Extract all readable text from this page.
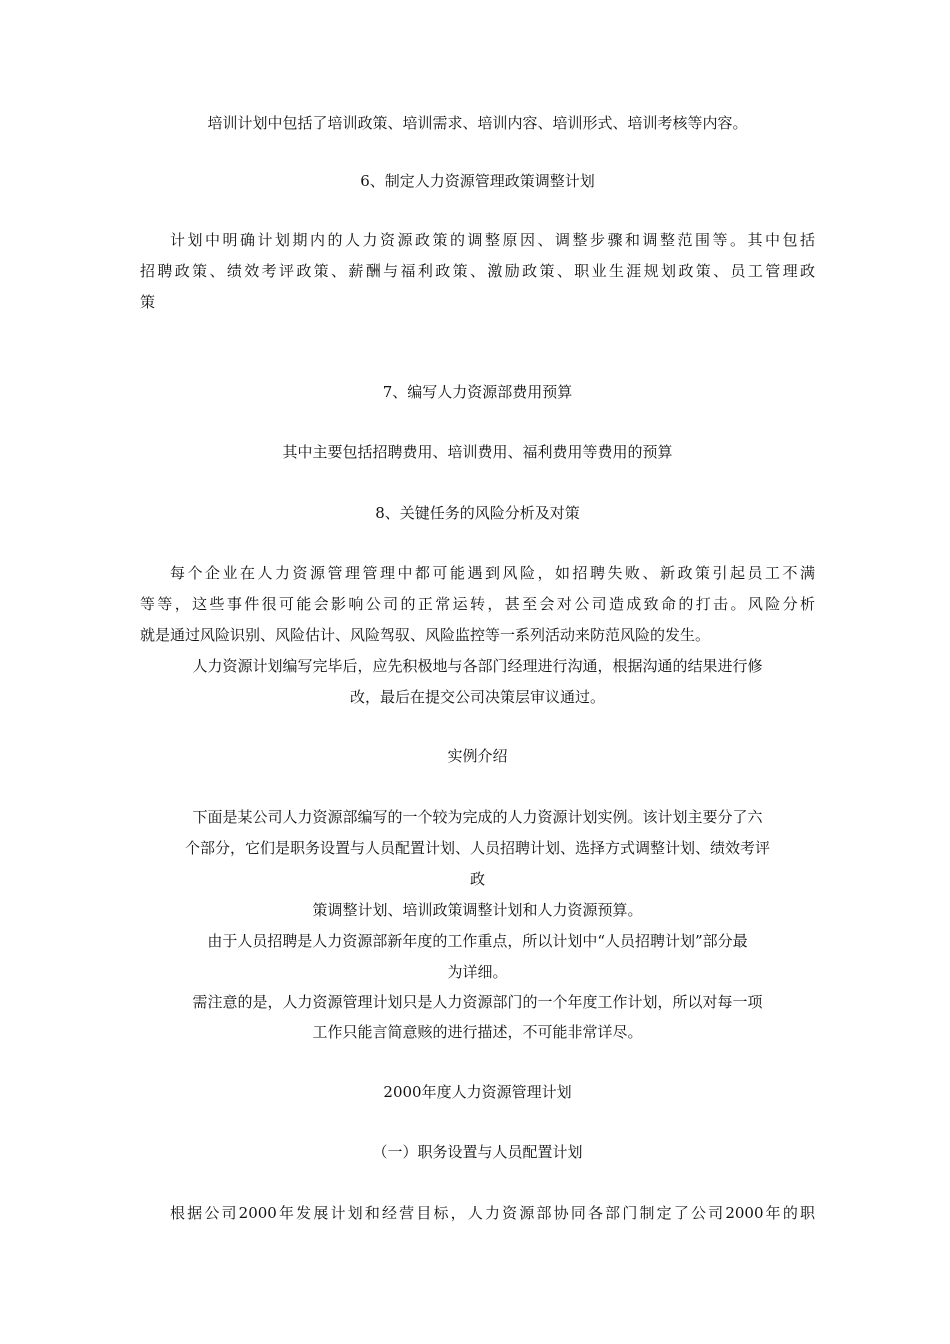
培训计划中包括了培训政策、培训需求、培训内容、培训形式、培训考核等内容。
6、制定人力资源管理政策调整计划
计划中明确计划期内的人力资源政策的调整原因、调整步骤和调整范围等。其中包括
招聘政策、绩效考评政策、薪酬与福利政策、激励政策、职业生涯规划政策、员工管理政
策
7、编写人力资源部费用预算
其中主要包括招聘费用、培训费用、福利费用等费用的预算
8、关键任务的风险分析及对策
每个企业在人力资源管理管理中都可能遇到风险，如招聘失败、新政策引起员工不满
等等，这些事件很可能会影响公司的正常运转，甚至会对公司造成致命的打击。风险分析
就是通过风险识别、风险估计、风险驾驭、风险监控等一系列活动来防范风险的发生。
人力资源计划编写完毕后，应先积极地与各部门经理进行沟通，根据沟通的结果进行修
改，最后在提交公司决策层审议通过。
实例介绍
下面是某公司人力资源部编写的一个较为完成的人力资源计划实例。该计划主要分了六
个部分，它们是职务设置与人员配置计划、人员招聘计划、选择方式调整计划、绩效考评
政
策调整计划、培训政策调整计划和人力资源预算。
由于人员招聘是人力资源部新年度的工作重点，所以计划中“人员招聘计划”部分最
为详细。
需注意的是，人力资源管理计划只是人力资源部门的一个年度工作计划，所以对每一项
工作只能言简意赅的进行描述，不可能非常详尽。
2000年度人力资源管理计划
（一）职务设置与人员配置计划
根据公司2000年发展计划和经营目标，人力资源部协同各部门制定了公司2000年的职
